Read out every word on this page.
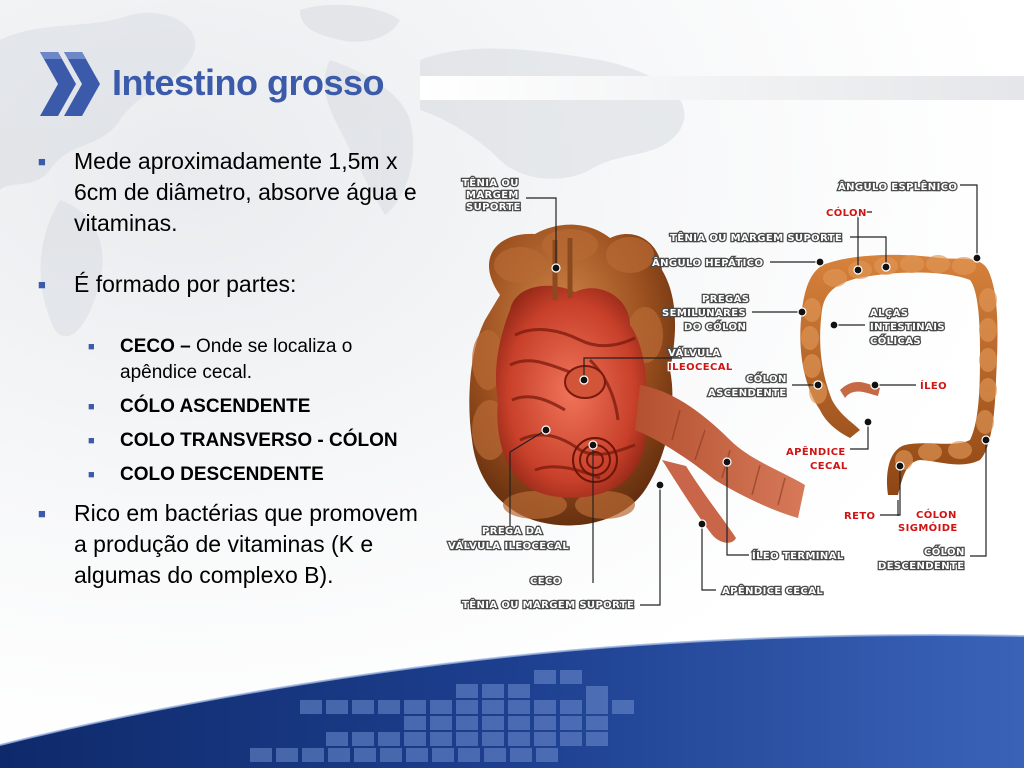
Intestino grosso

■ Mede aproximadamente 1,5m x 6cm de diâmetro, absorve água e vitaminas.

■ É formado por partes:

■ CECO – Onde se localiza o apêndice cecal.

■ CÓLO ASCENDENTE

■ COLO TRANSVERSO - CÓLON

■ COLO DESCENDENTE

■ Rico em bactérias que promovem a produção de vitaminas (K e algumas do complexo B).

TÊNIA OU
MARGEM
SUPORTE
ÂNGULO ESPLÊNICO
CÓLON
TÊNIA OU MARGEM SUPORTE
ÂNGULO HEPÁTICO
PREGAS
SEMILUNARES
DO CÓLON
ALÇAS
INTESTINAIS
CÓLICAS
VÁLVULA
ILEOCECAL
CÓLON
ASCENDENTE
ÍLEO
APÊNDICE
CECAL
RETO	CÓLON
SIGMÓIDE
CÓLON
DESCENDENTE
PREGA DA
VÁLVULA ILEOCECAL
ÍLEO TERMINAL
CECO
APÊNDICE CECAL
TÊNIA OU MARGEM SUPORTE
